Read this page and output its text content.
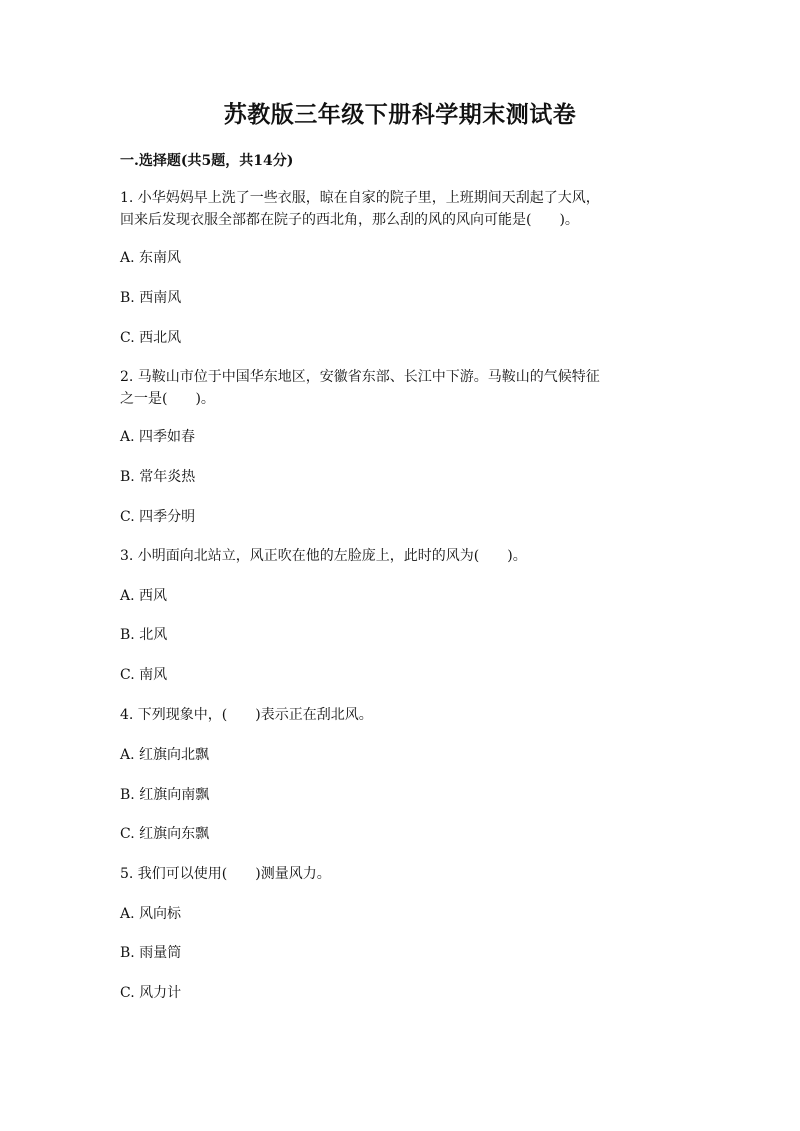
苏教版三年级下册科学期末测试卷
一.选择题(共5题，共14分)
1. 小华妈妈早上洗了一些衣服，晾在自家的院子里，上班期间天刮起了大风，
回来后发现衣服全部都在院子的西北角，那么刮的风的风向可能是(　　)。
A. 东南风
B. 西南风
C. 西北风
2. 马鞍山市位于中国华东地区，安徽省东部、长江中下游。马鞍山的气候特征
之一是(　　)。
A. 四季如春
B. 常年炎热
C. 四季分明
3. 小明面向北站立，风正吹在他的左脸庞上，此时的风为(　　)。
A. 西风
B. 北风
C. 南风
4. 下列现象中，(　　)表示正在刮北风。
A. 红旗向北飘
B. 红旗向南飘
C. 红旗向东飘
5. 我们可以使用(　　)测量风力。
A. 风向标
B. 雨量筒
C. 风力计
